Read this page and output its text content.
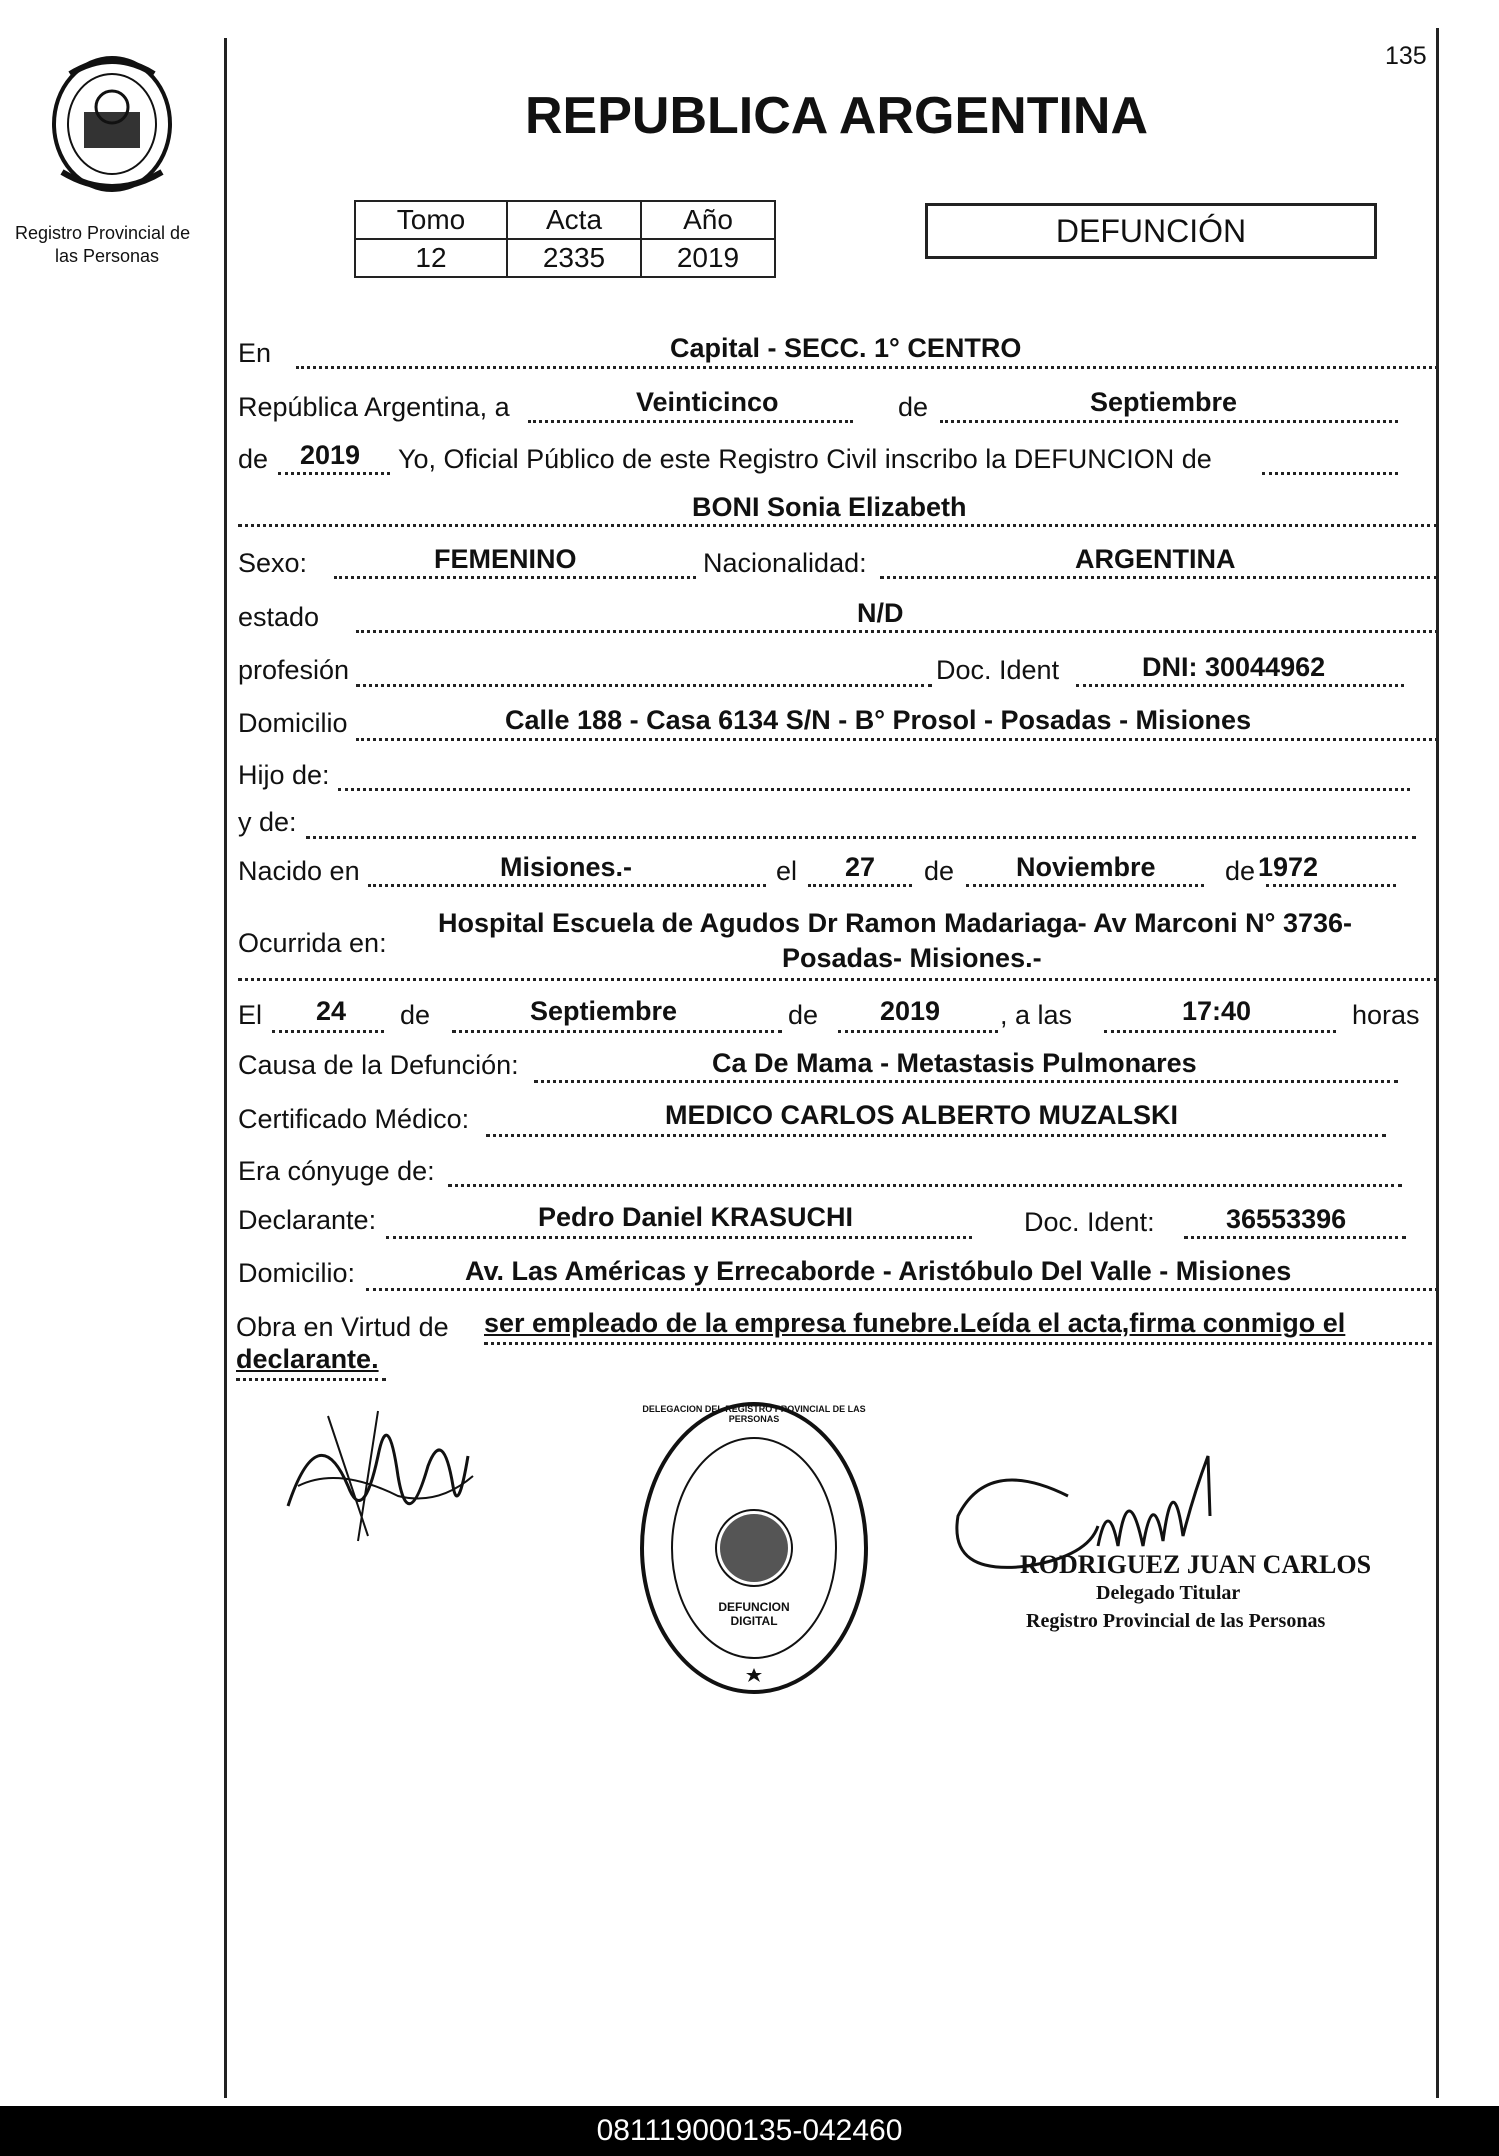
135
Registro Provincial de
las Personas
REPUBLICA ARGENTINA
Tomo	Acta	Año
12	2335	2019
DEFUNCIÓN
En	Capital - SECC. 1° CENTRO
República Argentina, a	Veinticinco	de	Septiembre
de 2019 Yo, Oficial Público de este Registro Civil inscribo la DEFUNCION de
BONI Sonia Elizabeth
Sexo:	FEMENINO	Nacionalidad:	ARGENTINA
estado	N/D
profesión	Doc. Ident	DNI: 30044962
Domicilio	Calle 188 - Casa 6134 S/N - B° Prosol - Posadas - Misiones
Hijo de:
y de:
Nacido en	Misiones.-	el 27 de Noviembre	de 1972
Ocurrida en:
Hospital Escuela de Agudos Dr Ramon Madariaga- Av Marconi N° 3736-
Posadas- Misiones.-
El 24 de	Septiembre	de 2019 , a las	17:40	horas
Causa de la Defunción:	Ca De Mama - Metastasis Pulmonares
Certificado Médico:	MEDICO CARLOS ALBERTO MUZALSKI
Era cónyuge de:
Declarante:	Pedro Daniel KRASUCHI	Doc. Ident:	36553396
Domicilio:	Av. Las Américas y Errecaborde - Aristóbulo Del Valle - Misiones
Obra en Virtud de ser empleado de la empresa funebre.Leída el acta,firma conmigo el
declarante.
DELEGACION DEL REGISTRO PROVINCIAL DE LAS PERSONAS
DEFUNCION DIGITAL
RODRIGUEZ JUAN CARLOS
Delegado Titular
Registro Provincial de las Personas
081119000135-042460
